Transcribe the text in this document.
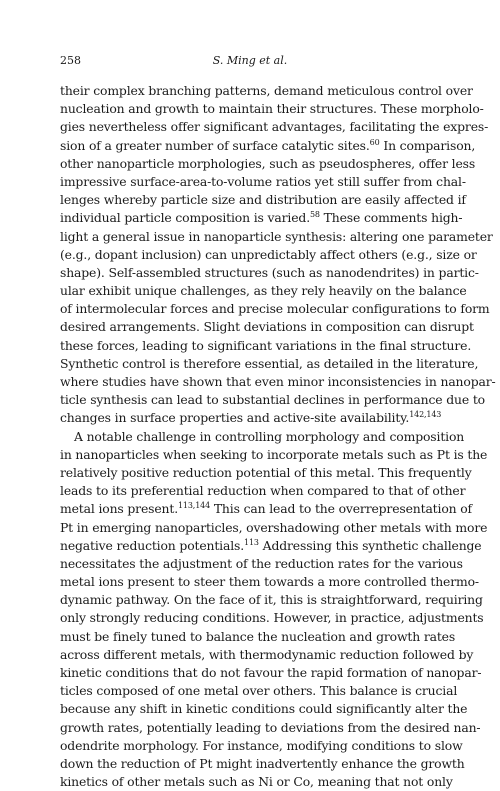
258	S. Ming et al.
their complex branching patterns, demand meticulous control over
nucleation and growth to maintain their structures. These morpholo-
gies nevertheless offer significant advantages, facilitating the expres-
sion of a greater number of surface catalytic sites.$^{60}$ In comparison,
other nanoparticle morphologies, such as pseudospheres, offer less
impressive surface-area-to-volume ratios yet still suffer from chal-
lenges whereby particle size and distribution are easily affected if
individual particle composition is varied.$^{58}$ These comments high-
light a general issue in nanoparticle synthesis: altering one parameter
(e.g., dopant inclusion) can unpredictably affect others (e.g., size or
shape). Self-assembled structures (such as nanodendrites) in partic-
ular exhibit unique challenges, as they rely heavily on the balance
of intermolecular forces and precise molecular configurations to form
desired arrangements. Slight deviations in composition can disrupt
these forces, leading to significant variations in the final structure.
Synthetic control is therefore essential, as detailed in the literature,
where studies have shown that even minor inconsistencies in nanopar-
ticle synthesis can lead to substantial declines in performance due to
changes in surface properties and active-site availability.$^{142,143}$
A notable challenge in controlling morphology and composition
in nanoparticles when seeking to incorporate metals such as Pt is the
relatively positive reduction potential of this metal. This frequently
leads to its preferential reduction when compared to that of other
metal ions present.$^{113,144}$ This can lead to the overrepresentation of
Pt in emerging nanoparticles, overshadowing other metals with more
negative reduction potentials.$^{113}$ Addressing this synthetic challenge
necessitates the adjustment of the reduction rates for the various
metal ions present to steer them towards a more controlled thermo-
dynamic pathway. On the face of it, this is straightforward, requiring
only strongly reducing conditions. However, in practice, adjustments
must be finely tuned to balance the nucleation and growth rates
across different metals, with thermodynamic reduction followed by
kinetic conditions that do not favour the rapid formation of nanopar-
ticles composed of one metal over others. This balance is crucial
because any shift in kinetic conditions could significantly alter the
growth rates, potentially leading to deviations from the desired nan-
odendrite morphology. For instance, modifying conditions to slow
down the reduction of Pt might inadvertently enhance the growth
kinetics of other metals such as Ni or Co, meaning that not only
